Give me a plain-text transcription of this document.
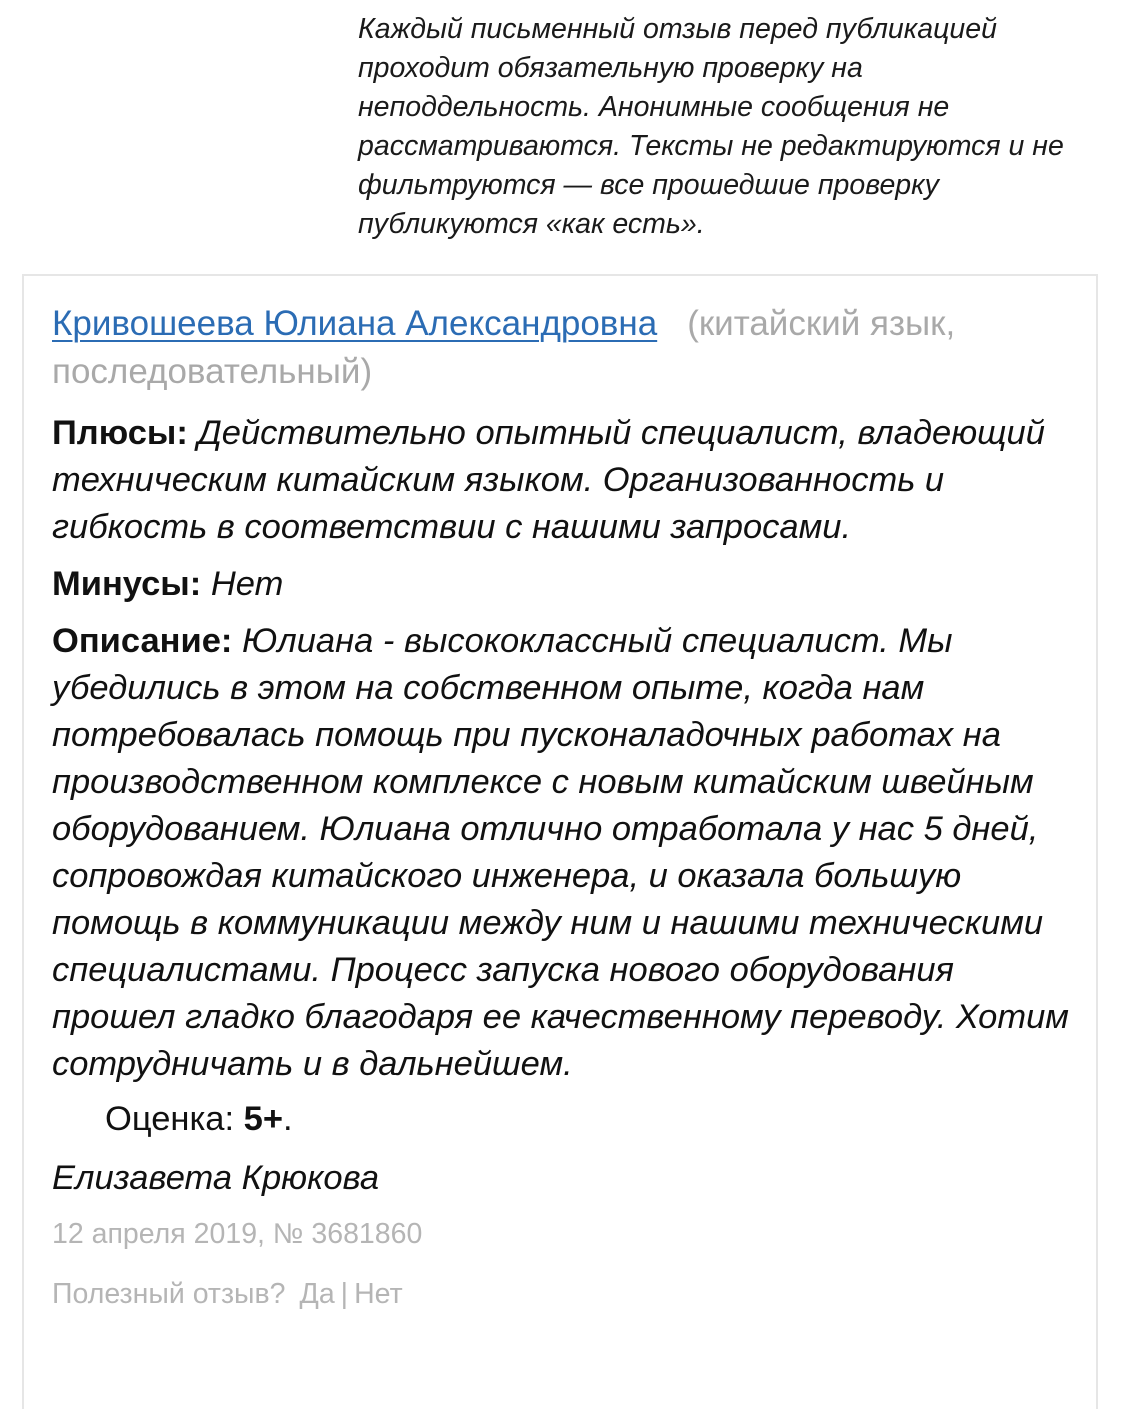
Каждый письменный отзыв перед публикацией проходит обязательную проверку на неподдельность. Анонимные сообщения не рассматриваются. Тексты не редактируются и не фильтруются — все прошедшие проверку публикуются «как есть».

Кривошеева Юлиана Александровна (китайский язык, последовательный)

Плюсы: Действительно опытный специалист, владеющий техническим китайским языком. Организованность и гибкость в соответствии с нашими запросами.

Минусы: Нет

Описание: Юлиана - высококлассный специалист. Мы убедились в этом на собственном опыте, когда нам потребовалась помощь при пусконаладочных работах на производственном комплексе с новым китайским швейным оборудованием. Юлиана отлично отработала у нас 5 дней, сопровождая китайского инженера, и оказала большую помощь в коммуникации между ним и нашими техническими специалистами. Процесс запуска нового оборудования прошел гладко благодаря ее качественному переводу. Хотим сотрудничать и в дальнейшем.

Оценка: 5+.
Елизавета Крюкова
12 апреля 2019, № 3681860
Полезный отзыв? Да | Нет
